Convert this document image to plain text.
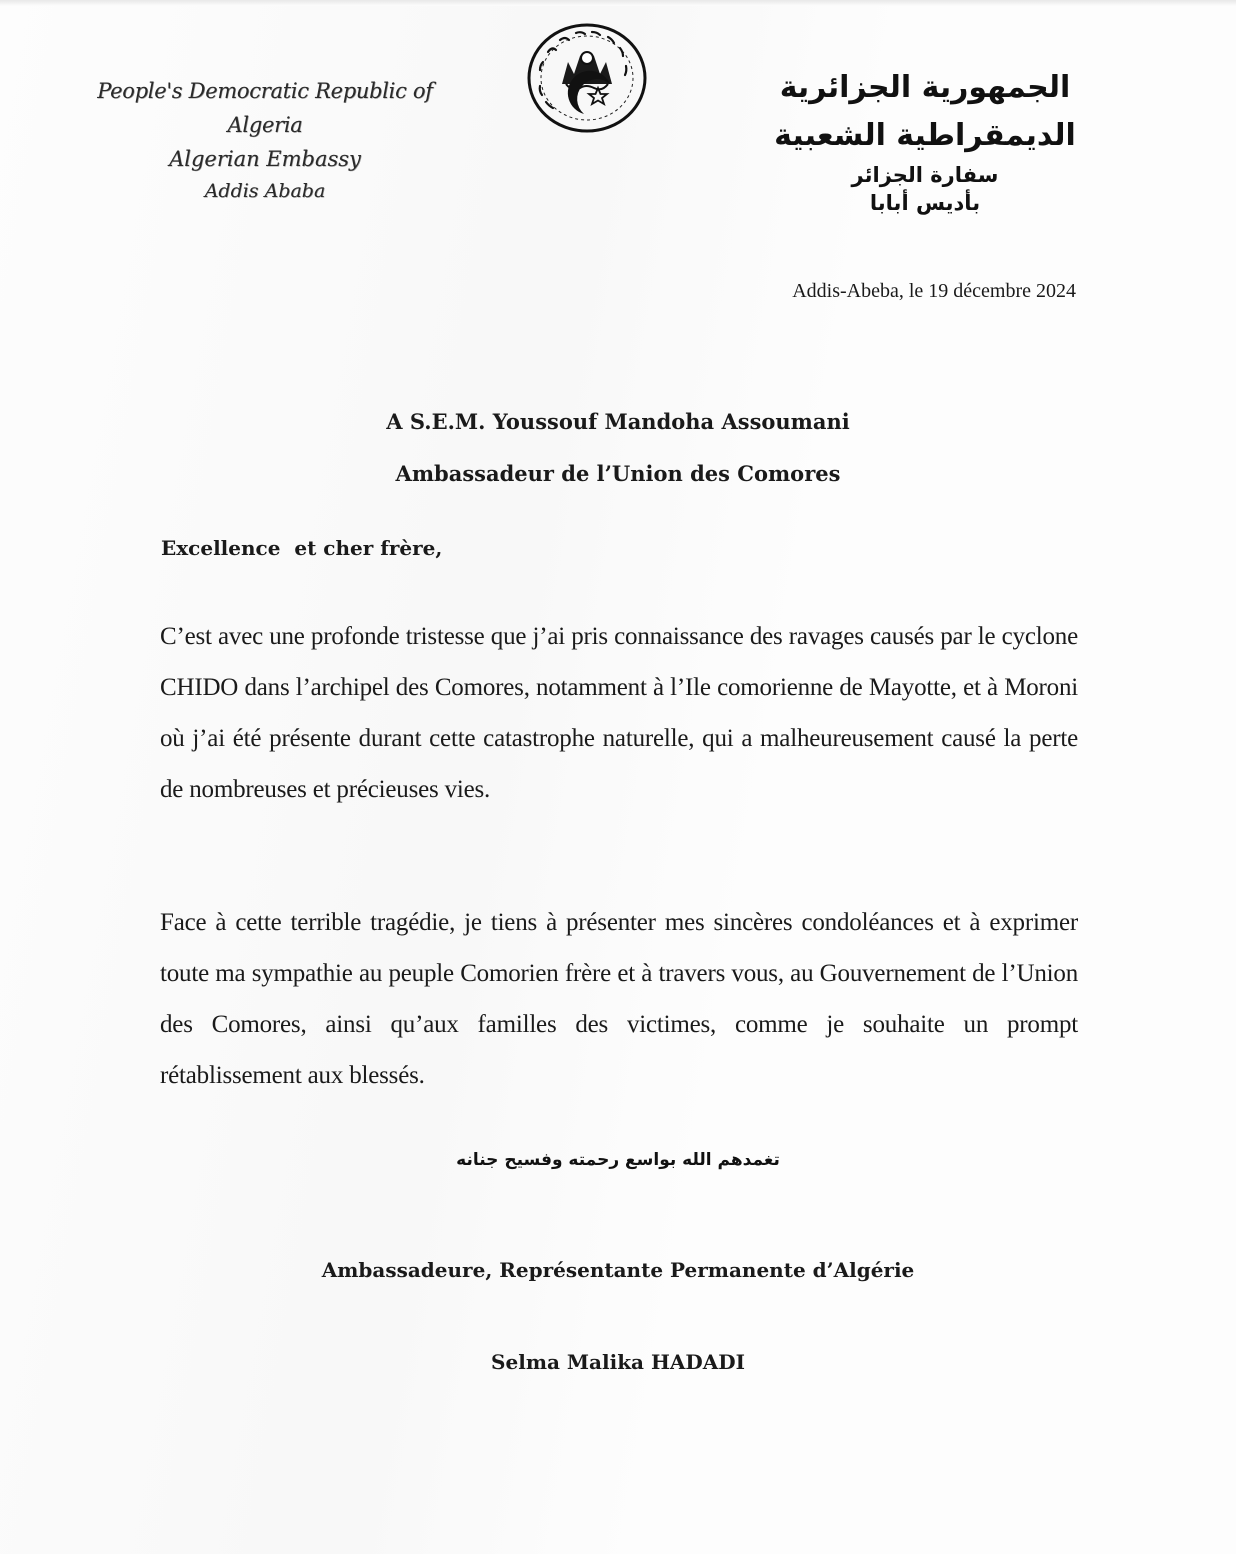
People's Democratic Republic of Algeria
Algerian Embassy
Addis Ababa
الجمهورية الجزائرية الديمقراطية الشعبية
سفارة الجزائر
بأديس أبابا
Addis-Abeba, le 19 décembre 2024
A S.E.M. Youssouf Mandoha Assoumani
Ambassadeur de l’Union des Comores
Excellence  et cher frère,
C’est avec une profonde tristesse que j’ai pris connaissance des ravages causés par le cyclone CHIDO dans l’archipel des Comores, notamment à l’Ile comorienne de Mayotte, et à Moroni où j’ai été présente durant cette catastrophe naturelle, qui a malheureusement causé la perte de nombreuses et précieuses vies.
Face à cette terrible tragédie, je tiens à présenter mes sincères condoléances et à exprimer toute ma sympathie au peuple Comorien frère et à travers vous, au Gouvernement de l’Union des Comores, ainsi qu’aux familles des victimes, comme je souhaite un prompt rétablissement aux blessés.
تغمدهم الله بواسع رحمته وفسيح جنانه
Ambassadeure, Représentante Permanente d’Algérie
Selma Malika HADADI
